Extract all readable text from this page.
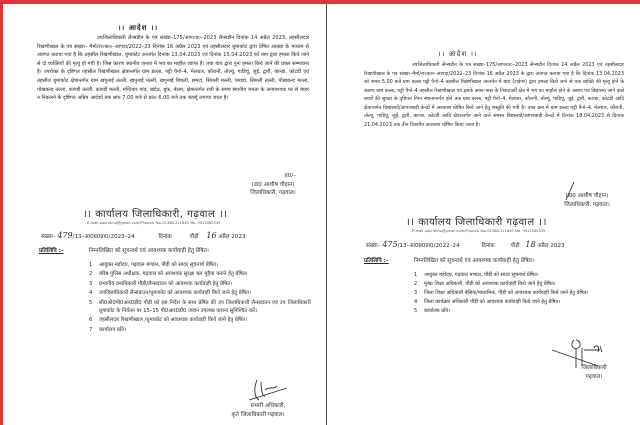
।। आदेश ।।
उपजिलाधिकारी लैन्सडौन के पत्र संख्या–175/आप०प्र०–2023 लैन्सडौन दिनांक 14 अप्रैल 2023, तहसीलदार रिखणीखाल के पत्र संख्या– मैमो/रा०का०–आपदा/2022–23 दिनांक 16 अप्रैल 2023 एवं तहसीलदार धुमाकोट द्वारा प्रेषित आख्या के माध्यम से अवगत कराया गया है कि तहसील रिखणीखाल, धुमाकोट अन्तर्गत दिनांक 13.04.2023 एवं दिनांक 15.04.2023 को बाघ द्वारा हमला किये जाने से दो व्यक्तियों की मृत्यु हो गयी है। जिस कारण स्थानीय जनता में भय का माहौल व्याप्त है। तथा बाघ द्वारा पुनः हमला किये जाने की प्रबल सम्भावना है। उपरोक्त के दृष्टिगत तहसील रिखणीखाल क्षेत्रान्तर्गत ग्राम डल्ला, पट्टी पैनो–4, मेलधार, कौरानी, तोल्यूं, गाडियूं, जुई, द्वारी, कान्डा, कोटडी एवं तहसील धुमाकोट क्षेत्रान्तर्गत ग्राम खपुनाई तल्ली, खपुनाई मल्ली, खपुनाई बिचली, छमटा, सिमली मल्ली, पमाडा, सिमली तल्ली, पोखकन्द मल्ला, पोखकन्द तल्ला, काण्डी तल्ली, काण्डी मल्ली, मन्दियार गांव, खदेठ, चुफ, बेलम, क्षेत्रान्तर्गत रात्री के समय स्थानीय जनता के अनावश्यक घर से बाहर न निकलने के दृष्टिगत अग्रिम आदेशों तक सांय 7.00 बजे से प्रातः 6.00 बजे तक कर्फ्यू लगाया जाता है।
ह0/–
(डा0 आशीष चौहान)
जिलाधिकारी, गढ़वाल।
।। कार्यालय जिलाधिकारी, गढ़वाल ।।
E-mail-pauridmo@gmail.com/Phone& fax-01368-221840 Mo. 9412082535
संख्या– 479/13–आ0प्र0प्रा0/2023–24	दिनांक	पौड़ी 16 अप्रैल 2023
प्रतिलिपि :–	निम्नलिखित को सूचनार्थ एवं आवश्यक कार्यवाही हेतु प्रेषित।
1	आयुक्त महोदय, गढ़वाल मण्डल, पौड़ी को सादर सूचनार्थ प्रेषित।
2	वरिष्ठ पुलिस अधीक्षक, गढ़वाल को आवश्यक सुरक्षा बल मुहैया कराने हेतु प्रेषित।
3	प्रभागीय वनाधिकारी पौड़ी/लैन्सडाउन को आवश्यक कार्यवाही हेतु प्रेषित।
4	उपजिलाधिकारी लैन्सडाउन/धुमाकोट को आवश्यक कार्यवाही किये जाने हेतु प्रेषित।
5	सी0ओ0पी0आर0डी0 पौड़ी को इस निर्देश के साथ प्रेषित की उप जिलाधिकारी लैन्सडाउन एवं उप जिलाधिकारी धुमाकोट के निर्वतन पर 15–15 पी0आर0डी0 जवान उपलब्ध कराना सुनिश्चित करें।
6	तहसीलदार रिखणीखाल /धुमाकोट को आवश्यक कार्यवाही किये जाने हेतु प्रेषित।
7	कार्यालय प्रति।
प्रभारी अधिकारी,
कृते जिलाधिकारी गढ़वाल।
।। आदेश ।।
उपजिलाधिकारी लैन्सडौन के पत्र संख्या–175/आप०प्र०–2023 लैन्सडौन दिनांक 14 अप्रैल 2023 एवं तहसीलदार रिखणीखाल के पत्र संख्या–मैमो/रा०का०–आपदा/2022–23 दिनांक 16 अप्रैल 2023 के द्वारा अवगत कराया गया है कि दिनांक 13.04.2023 को समय 5.00 बजे ग्राम डल्ला पट्टी पैनो–4 तहसील रिखणीखाल अन्तर्गत में बाघ (टाईगर) द्वारा हमला किये जाने से एक व्यक्ति की मृत्यु होने के कारण ग्राम डल्ला, पट्टी पैनो–4 तहसील रिखणीखाल एवं इसके आस–पास के निकटवर्ती क्षेत्र में भय का माहौल होने के कारण एवं विद्यालय जाने वाले बच्चों की सुरक्षा के दृष्टिगत निम्न स्थानान्तर्गत होने तक ग्राम डल्ला, पट्टी पैनो–4, मेलधार, कौरानी, तोल्यूं, गाडियूं, जुई, द्वारी, कान्डा, कोटडी आदि क्षेत्रान्तर्गत विद्यालयों/आंगनबाड़ी केन्द्रों में अवकाश घोषित किये जाने हेतु संस्तुति की गयी है। उक्त क्रम में ग्राम डल्ला पट्टी पैनो–4, मेलधार, कौरानी, तोल्यूं, गाडियूं, जुई, द्वारी, कान्डा, कोटडी आदि क्षेत्रान्तर्गत आने वाले समस्त विद्यालयों/आंगनबाड़ी केन्द्रों में दिनांक 18.04.2023 से दिनांक 21.04.2023 तक तीन दिवसीय अवकाश घोषित किया जाता है।
(डा0 आशीष चौहान)
जिलाधिकारी, गढ़वाल।
।। कार्यालय जिलाधिकारी गढ़वाल ।।
E-mail-pauridmo@gmail.com/Phone& fax-01368-221840 Mo. 9412082535
संख्या– 475/13–आ0प्र0प्रा0/2022–24	दिनांक	पौड़ी 18 अप्रैल 2023
प्रतिलिपि :–	निम्नलिखित को सूचनार्थ एवं आवश्यक कार्यवाही हेतु प्रेषित।
1	आयुक्त महोदय, गढ़वाल मण्डल, पौड़ी को सादर सूचनार्थ प्रेषित।
2	मुख्य शिक्षा अधिकारी, पौड़ी को आवश्यक कार्यवाही किये जाने हेतु प्रेषित।
3	जिला शिक्षा अधिकारी बेसिक/माध्यमिक, पौड़ी को आवश्यक कार्यवाही किये जाने हेतु प्रेषित।
4	जिला कार्यक्रम अधिकारी पौड़ी को आवश्यक कार्यवाही किये जाने हेतु प्रेषित।
5	कार्यालय प्रति।
जिलाधिकारी
गढ़वाल।
